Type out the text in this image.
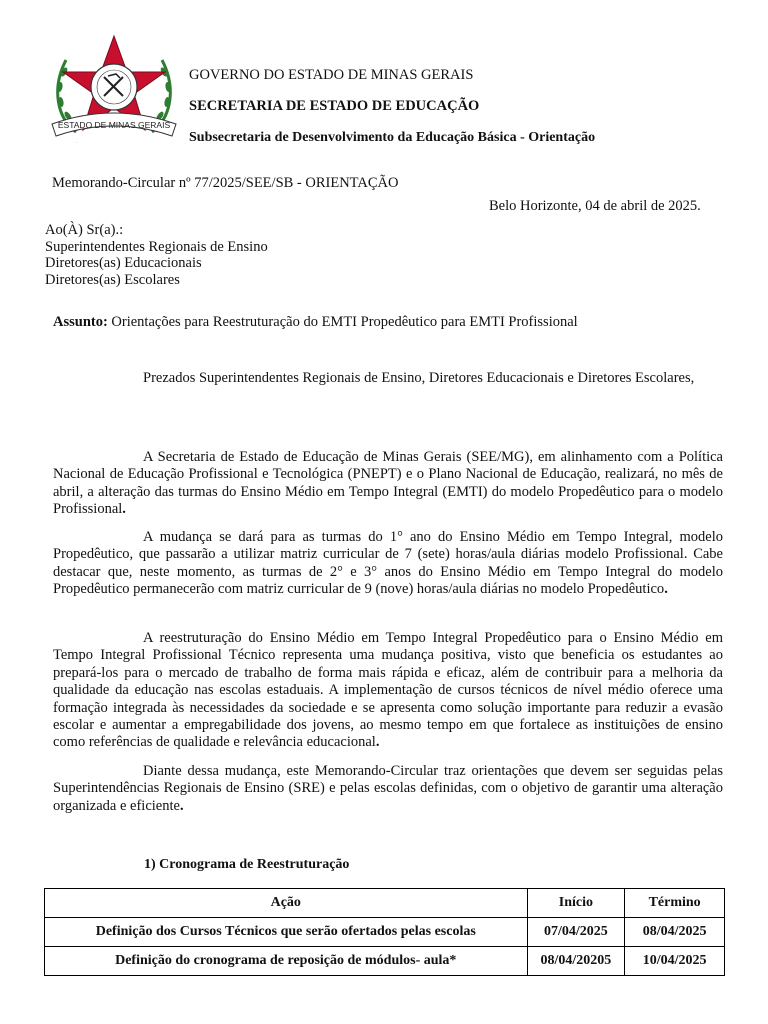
ESTADO DE MINAS GERAIS
·
GOVERNO DO ESTADO DE MINAS GERAIS
SECRETARIA DE ESTADO DE EDUCAÇÃO
Subsecretaria de Desenvolvimento da Educação Básica - Orientação
Memorando-Circular nº 77/2025/SEE/SB - ORIENTAÇÃO
Belo Horizonte, 04 de abril de 2025.
Ao(À) Sr(a).:
Superintendentes Regionais de Ensino
Diretores(as) Educacionais
Diretores(as) Escolares
Assunto: Orientações para Reestruturação do EMTI Propedêutico para EMTI Profissional
Prezados Superintendentes Regionais de Ensino, Diretores Educacionais e Diretores Escolares,
A Secretaria de Estado de Educação de Minas Gerais (SEE/MG), em alinhamento com a Política Nacional de Educação Profissional e Tecnológica (PNEPT) e o Plano Nacional de Educação, realizará, no mês de abril, a alteração das turmas do Ensino Médio em Tempo Integral (EMTI) do modelo Propedêutico para o modelo Profissional.
A mudança se dará para as turmas do 1° ano do Ensino Médio em Tempo Integral, modelo Propedêutico, que passarão a utilizar matriz curricular de 7 (sete) horas/aula diárias modelo Profissional. Cabe destacar que, neste momento, as turmas de 2° e 3° anos do Ensino Médio em Tempo Integral do modelo Propedêutico permanecerão com matriz curricular de 9 (nove) horas/aula diárias no modelo Propedêutico.
A reestruturação do Ensino Médio em Tempo Integral Propedêutico para o Ensino Médio em Tempo Integral Profissional Técnico representa uma mudança positiva, visto que beneficia os estudantes ao prepará-los para o mercado de trabalho de forma mais rápida e eficaz, além de contribuir para a melhoria da qualidade da educação nas escolas estaduais. A implementação de cursos técnicos de nível médio oferece uma formação integrada às necessidades da sociedade e se apresenta como solução importante para reduzir a evasão escolar e aumentar a empregabilidade dos jovens, ao mesmo tempo em que fortalece as instituições de ensino como referências de qualidade e relevância educacional.
Diante dessa mudança, este Memorando-Circular traz orientações que devem ser seguidas pelas Superintendências Regionais de Ensino (SRE) e pelas escolas definidas, com o objetivo de garantir uma alteração organizada e eficiente.
1) Cronograma de Reestruturação
Ação	Início	Término
Definição dos Cursos Técnicos que serão ofertados pelas escolas	07/04/2025	08/04/2025
Definição do cronograma de reposição de módulos- aula*	08/04/20205	10/04/2025
